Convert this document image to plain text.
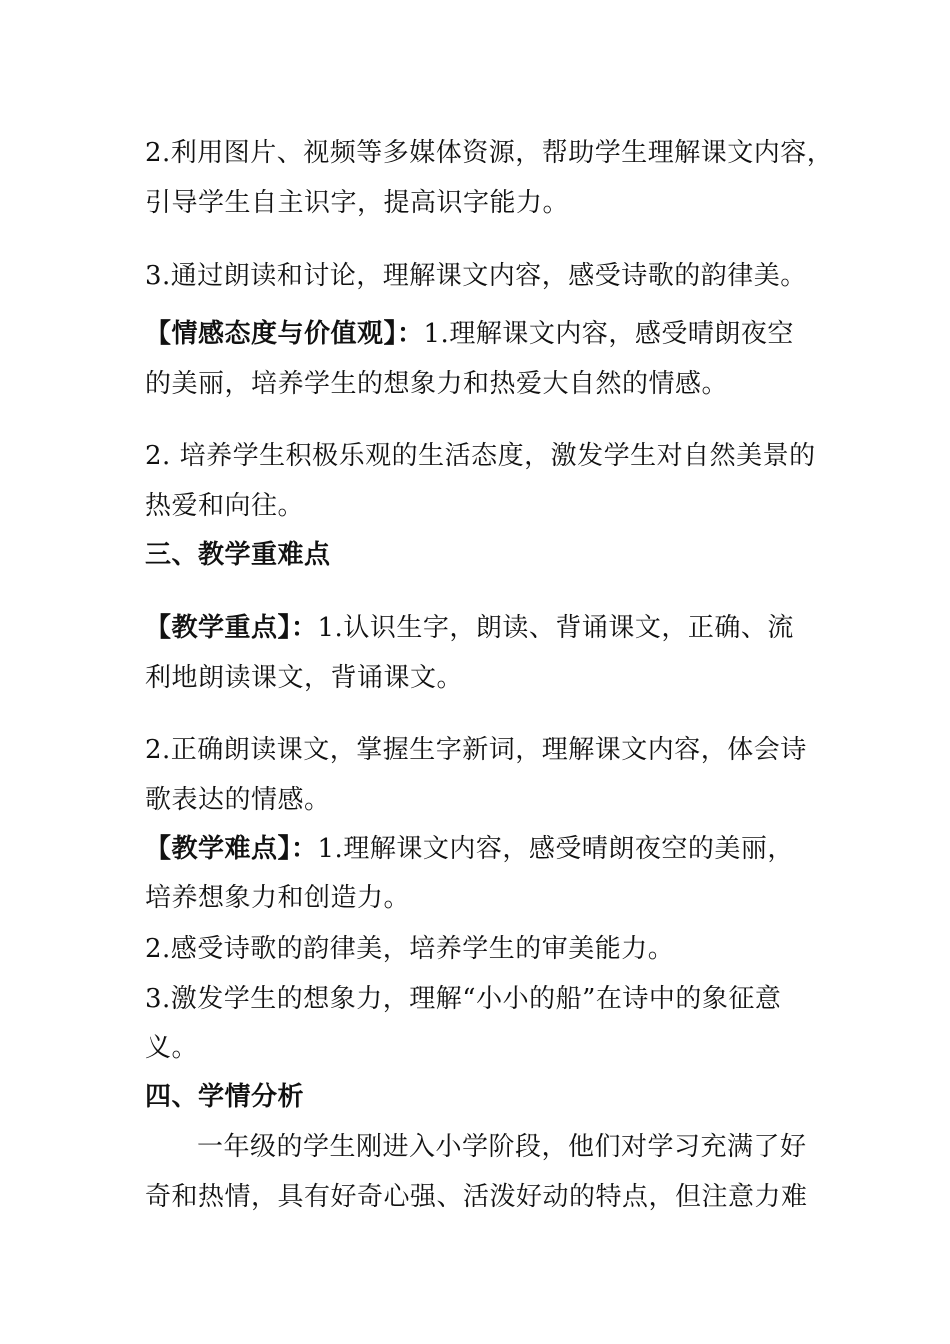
2.利用图片、视频等多媒体资源，帮助学生理解课文内容，
引导学生自主识字，提高识字能力。
3.通过朗读和讨论，理解课文内容，感受诗歌的韵律美。
【情感态度与价值观】：1.理解课文内容，感受晴朗夜空
的美丽，培养学生的想象力和热爱大自然的情感。
2. 培养学生积极乐观的生活态度，激发学生对自然美景的
热爱和向往。
三、教学重难点
【教学重点】：1.认识生字，朗读、背诵课文，正确、流
利地朗读课文，背诵课文。
2.正确朗读课文，掌握生字新词，理解课文内容，体会诗
歌表达的情感。
【教学难点】：1.理解课文内容，感受晴朗夜空的美丽，
培养想象力和创造力。
2.感受诗歌的韵律美，培养学生的审美能力。
3.激发学生的想象力，理解“小小的船”在诗中的象征意
义。
四、学情分析
一年级的学生刚进入小学阶段，他们对学习充满了好
奇和热情，具有好奇心强、活泼好动的特点，但注意力难
